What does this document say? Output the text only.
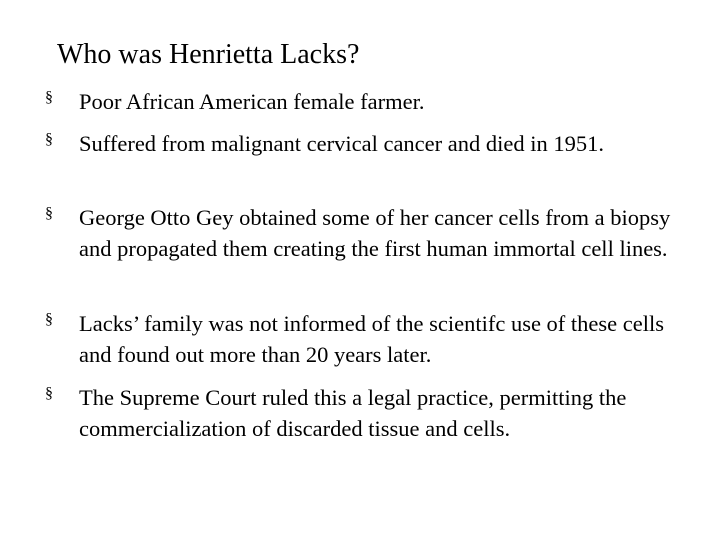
Who was Henrietta Lacks?
§ Poor African American female farmer.
§ Suffered from malignant cervical cancer and died in 1951.
§ George Otto Gey obtained some of her cancer cells from a biopsy and propagated them creating the first human immortal cell lines.
§ Lacks’ family was not informed of the scientifc use of these cells and found out more than 20 years later.
§ The Supreme Court ruled this a legal practice, permitting the commercialization of discarded tissue and cells.
